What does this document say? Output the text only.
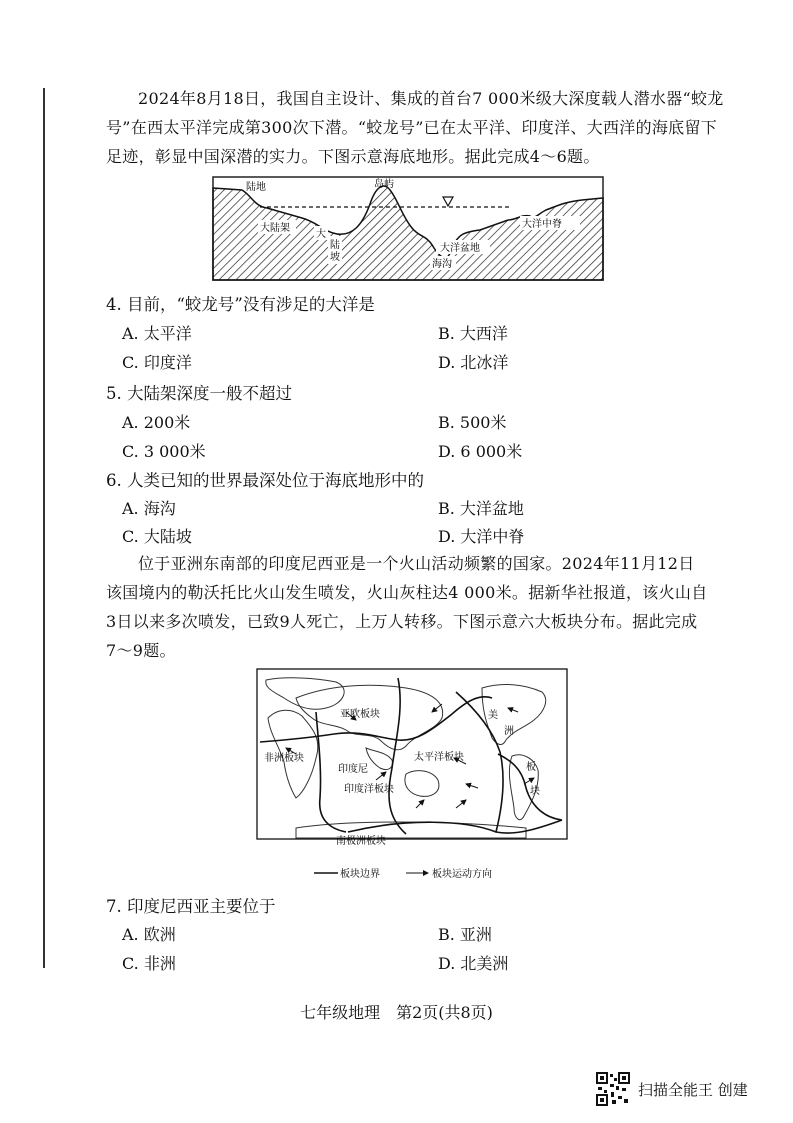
2024年8月18日，我国自主设计、集成的首台7 000米级大深度载人潜水器“蛟龙
号”在西太平洋完成第300次下潜。“蛟龙号”已在太平洋、印度洋、大西洋的海底留下
足迹，彰显中国深潜的实力。下图示意海底地形。据此完成4～6题。
陆地	岛屿
大陆架
大
陆
坡
海沟
大洋盆地
大洋中脊
4. 目前，“蛟龙号”没有涉足的大洋是
A. 太平洋	B. 大西洋
C. 印度洋	D. 北冰洋
5. 大陆架深度一般不超过
A. 200米	B. 500米
C. 3 000米	D. 6 000米
6. 人类已知的世界最深处位于海底地形中的
A. 海沟	B. 大洋盆地
C. 大陆坡	D. 大洋中脊
位于亚洲东南部的印度尼西亚是一个火山活动频繁的国家。2024年11月12日
该国境内的勒沃托比火山发生喷发，火山灰柱达4 000米。据新华社报道，该火山自
3日以来多次喷发，已致9人死亡，上万人转移。下图示意六大板块分布。据此完成
7～9题。
亚欧板块
非洲板块
印度尼
太平洋板块
印度洋板块
美
洲
板
块
南极洲板块
板块边界	板块运动方向
7. 印度尼西亚主要位于
A. 欧洲	B. 亚洲
C. 非洲	D. 北美洲
七年级地理　第2页(共8页)
扫描全能王 创建
